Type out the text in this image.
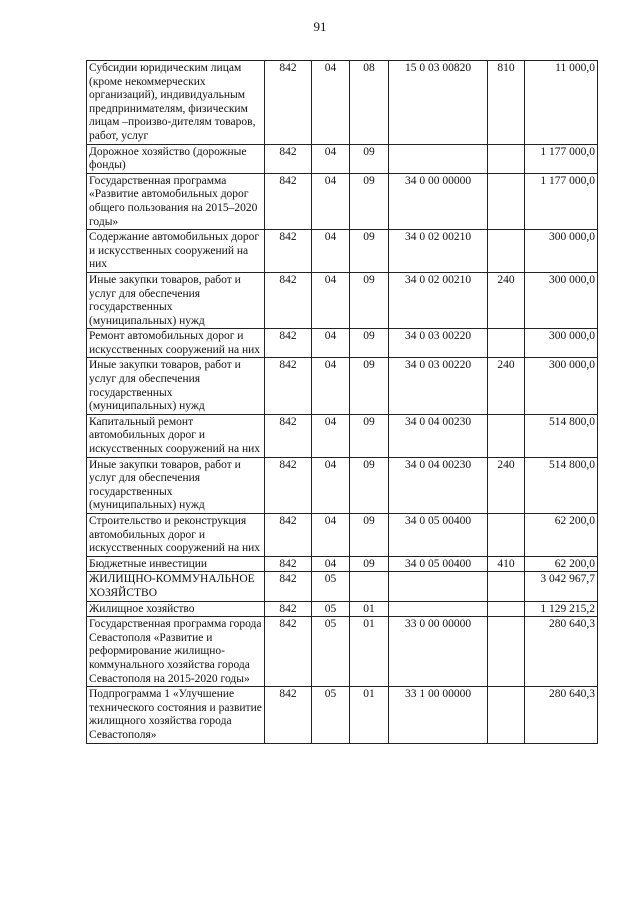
91
Субсидии юридическим лицам (кроме некоммерческих организаций), индивидуальным предпринимателям, физическим лицам –произво-дителям товаров, работ, услуг	842	04	08	15 0 03 00820	810	11 000,0
Дорожное хозяйство (дорожные фонды)	842	04	09			1 177 000,0
Государственная программа «Развитие автомобильных дорог общего пользования на 2015–2020 годы»	842	04	09	34 0 00 00000		1 177 000,0
Содержание автомобильных дорог и искусственных сооружений на них	842	04	09	34 0 02 00210		300 000,0
Иные закупки товаров, работ и услуг для обеспечения государственных (муниципальных) нужд	842	04	09	34 0 02 00210	240	300 000,0
Ремонт автомобильных дорог и искусственных сооружений на них	842	04	09	34 0 03 00220		300 000,0
Иные закупки товаров, работ и услуг для обеспечения государственных (муниципальных) нужд	842	04	09	34 0 03 00220	240	300 000,0
Капитальный ремонт автомобильных дорог и искусственных сооружений на них	842	04	09	34 0 04 00230		514 800,0
Иные закупки товаров, работ и услуг для обеспечения государственных (муниципальных) нужд	842	04	09	34 0 04 00230	240	514 800,0
Строительство и реконструкция автомобильных дорог и искусственных сооружений на них	842	04	09	34 0 05 00400		62 200,0
Бюджетные инвестиции	842	04	09	34 0 05 00400	410	62 200,0
ЖИЛИЩНО-КОММУНАЛЬНОЕ ХОЗЯЙСТВО	842	05				3 042 967,7
Жилищное хозяйство	842	05	01			1 129 215,2
Государственная программа города Севастополя «Развитие и реформирование жилищно-коммунального хозяйства города Севастополя на 2015-2020 годы»	842	05	01	33 0 00 00000		280 640,3
Подпрограмма 1 «Улучшение технического состояния и развитие жилищного хозяйства города Севастополя»	842	05	01	33 1 00 00000		280 640,3
